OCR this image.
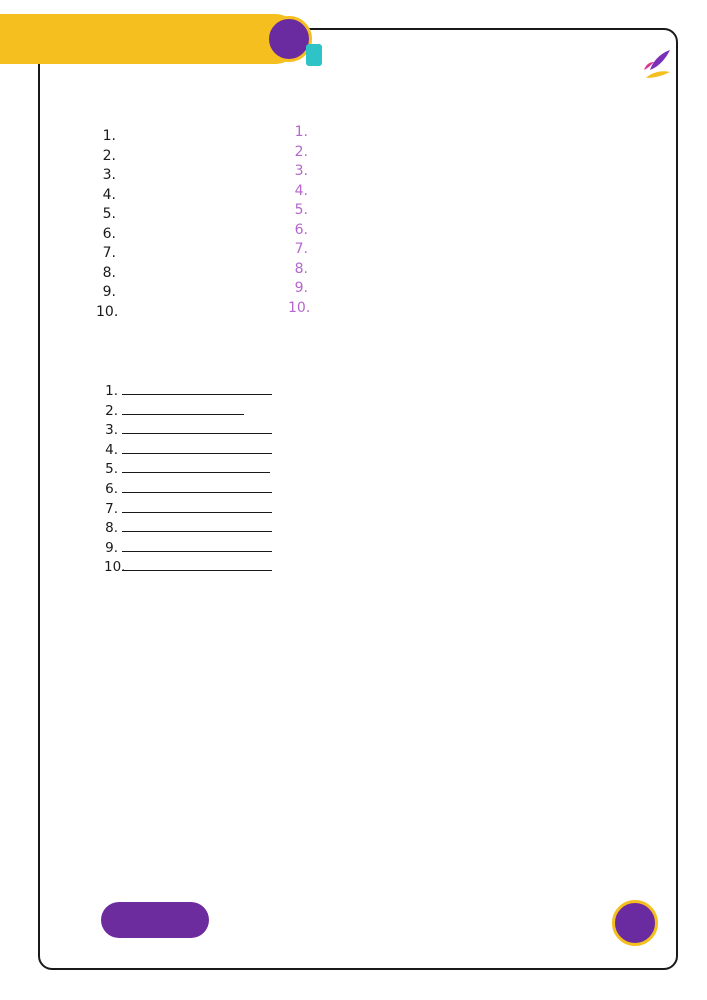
1.
2.
3.
4.
5.
6.
7.
8.
9.
10.
1.
2.
3.
4.
5.
6.
7.
8.
9.
10.
1.
2.
3.
4.
5.
6.
7.
8.
9.
10.
